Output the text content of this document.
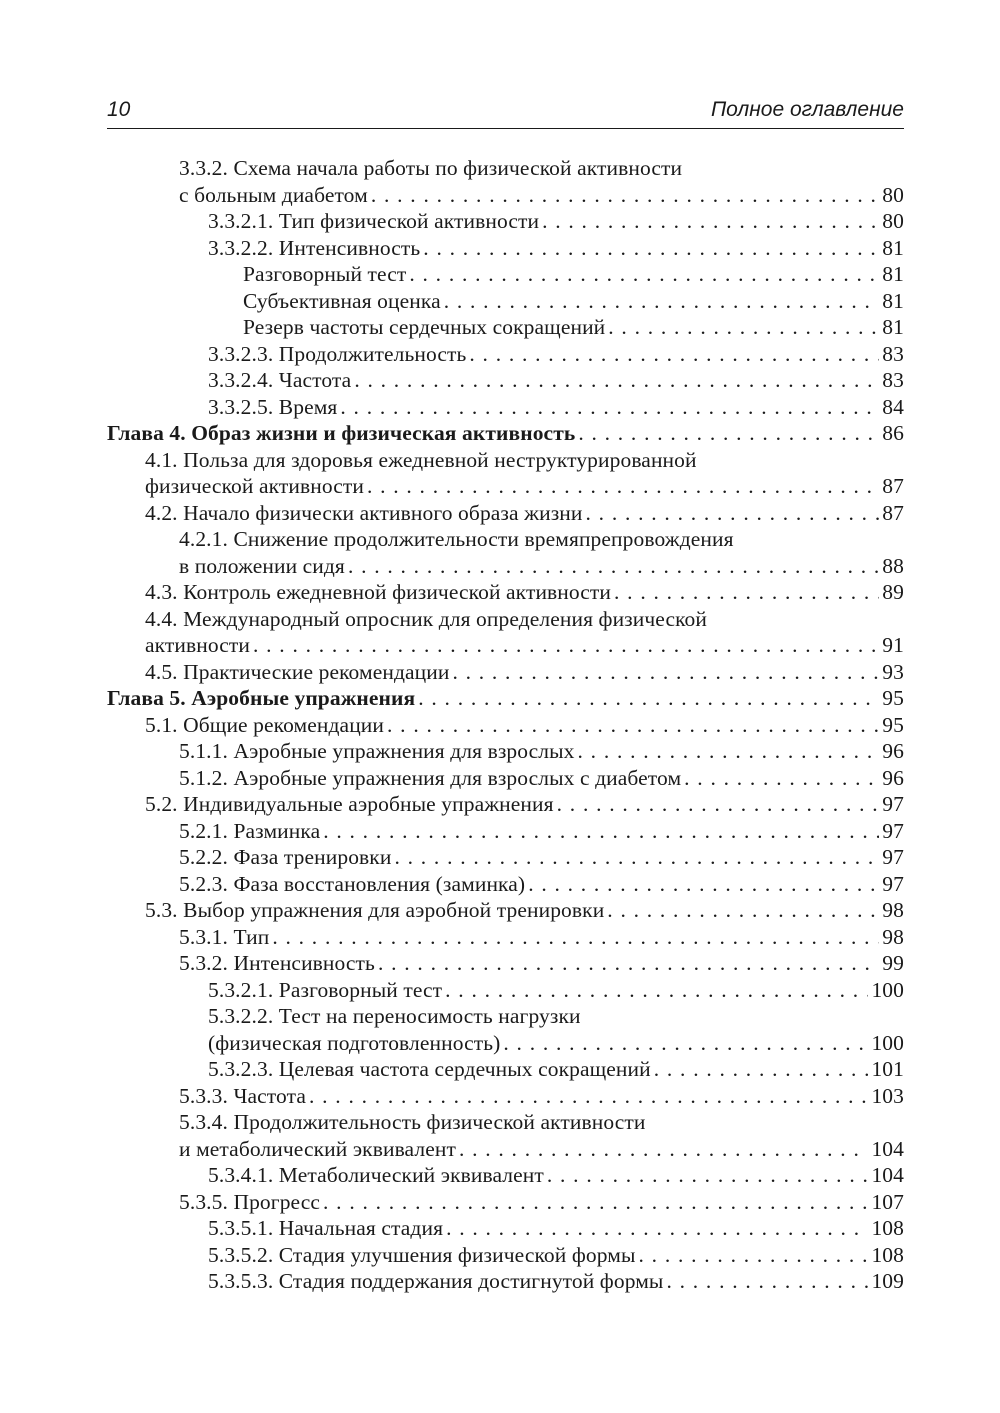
10	Полное оглавление
3.3.2. Схема начала работы по физической активности
с больным диабетом . . .	80
3.3.2.1. Тип физической активности . . .	80
3.3.2.2. Интенсивность . . .	81
Разговорный тест . . .	81
Субъективная оценка . . .	81
Резерв частоты сердечных сокращений . . .	81
3.3.2.3. Продолжительность . . .	83
3.3.2.4. Частота . . .	83
3.3.2.5. Время . . .	84
Глава 4. Образ жизни и физическая активность . . .	86
4.1. Польза для здоровья ежедневной неструктурированной
физической активности . . .	87
4.2. Начало физически активного образа жизни . . .	87
4.2.1. Снижение продолжительности времяпрепровождения
в положении сидя . . .	88
4.3. Контроль ежедневной физической активности . . .	89
4.4. Международный опросник для определения физической
активности . . .	91
4.5. Практические рекомендации . . .	93
Глава 5. Аэробные упражнения . . .	95
5.1. Общие рекомендации . . .	95
5.1.1. Аэробные упражнения для взрослых . . .	96
5.1.2. Аэробные упражнения для взрослых с диабетом . . .	96
5.2. Индивидуальные аэробные упражнения . . .	97
5.2.1. Разминка . . .	97
5.2.2. Фаза тренировки . . .	97
5.2.3. Фаза восстановления (заминка) . . .	97
5.3. Выбор упражнения для аэробной тренировки . . .	98
5.3.1. Тип . . .	98
5.3.2. Интенсивность . . .	99
5.3.2.1. Разговорный тест . . .	100
5.3.2.2. Тест на переносимость нагрузки
(физическая подготовленность) . . .	100
5.3.2.3. Целевая частота сердечных сокращений . . .	101
5.3.3. Частота . . .	103
5.3.4. Продолжительность физической активности
и метаболический эквивалент . . .	104
5.3.4.1. Метаболический эквивалент . . .	104
5.3.5. Прогресс . . .	107
5.3.5.1. Начальная стадия . . .	108
5.3.5.2. Стадия улучшения физической формы . . .	108
5.3.5.3. Стадия поддержания достигнутой формы . . .	109
